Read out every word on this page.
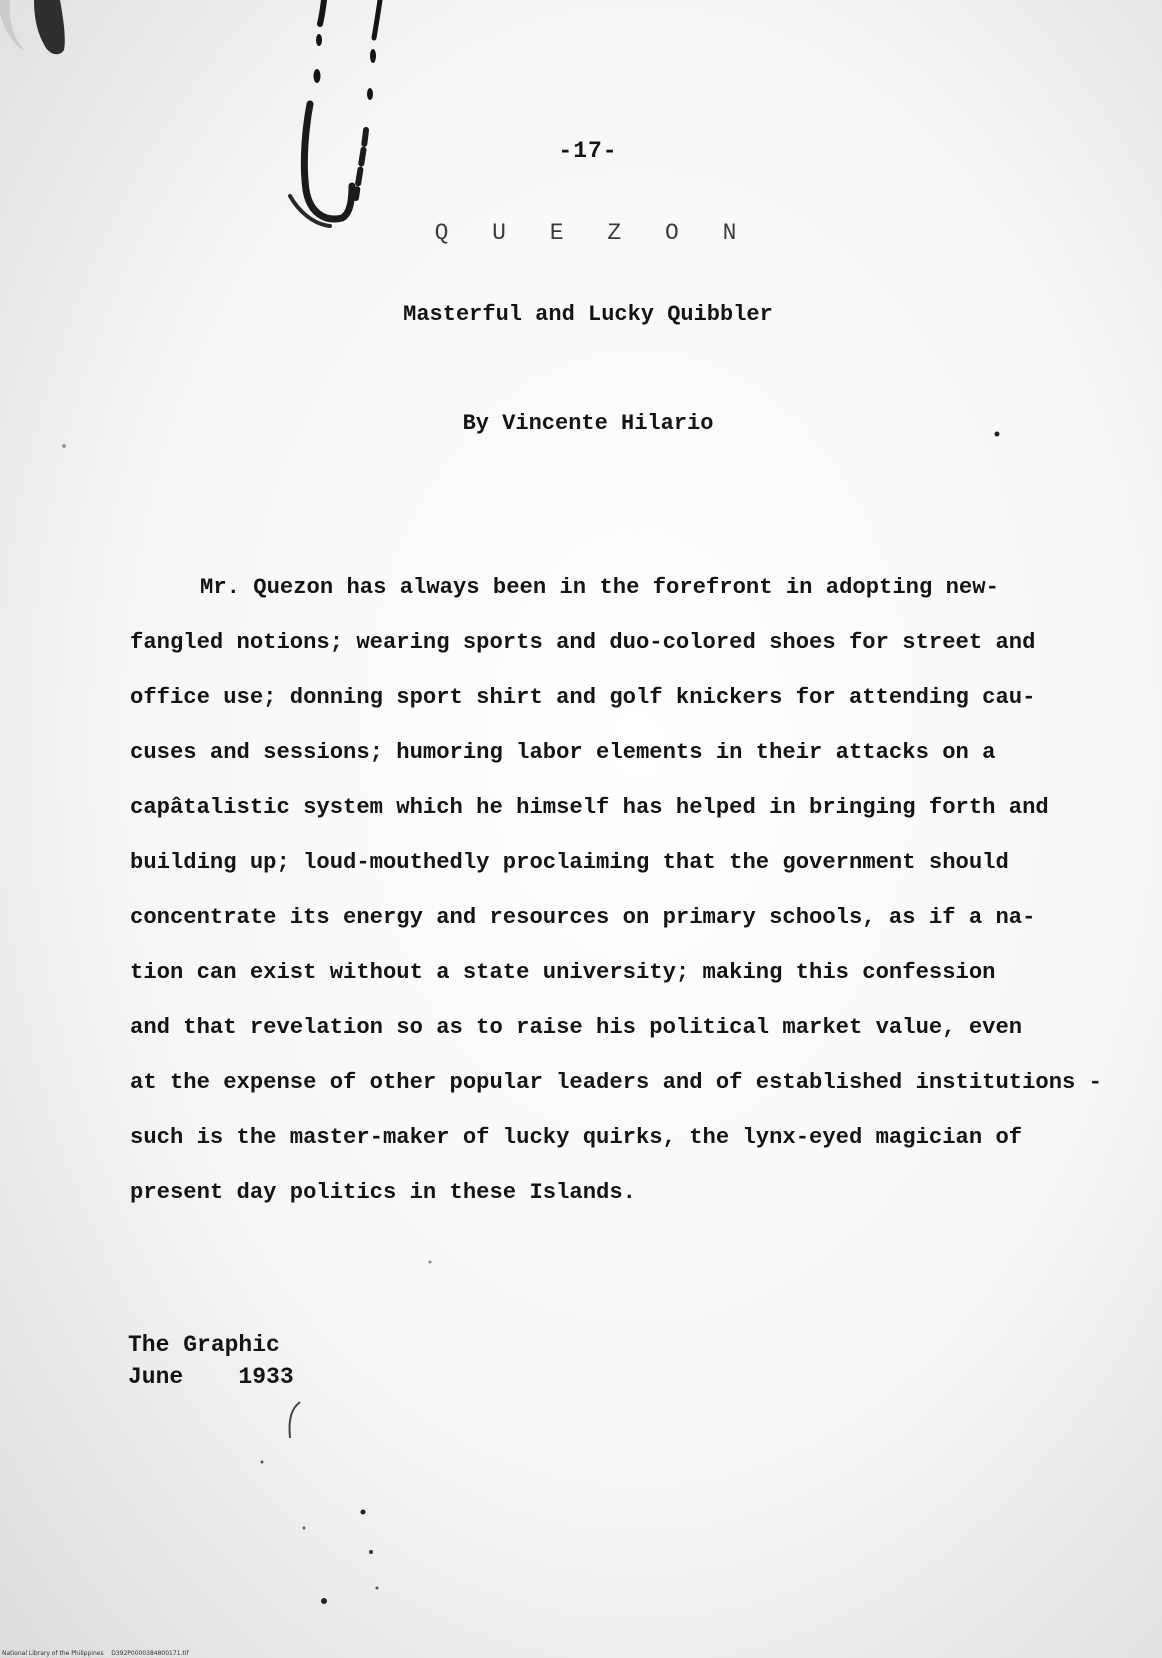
-17-
Q U E Z O N
Masterful and Lucky Quibbler
By Vincente Hilario
Mr. Quezon has always been in the forefront in adopting new-
fangled notions; wearing sports and duo-colored shoes for street and
office use; donning sport shirt and golf knickers for attending cau-
cuses and sessions; humoring labor elements in their attacks on a
capâtalistic system which he himself has helped in bringing forth and
building up; loud-mouthedly proclaiming that the government should
concentrate its energy and resources on primary schools, as if a na-
tion can exist without a state university; making this confession
and that revelation so as to raise his political market value, even
at the expense of other popular leaders and of established institutions -
such is the master-maker of lucky quirks, the lynx-eyed magician of
present day politics in these Islands.
The Graphic
June    1933
National Library of the Philippines    D392P0000384800171.tif
